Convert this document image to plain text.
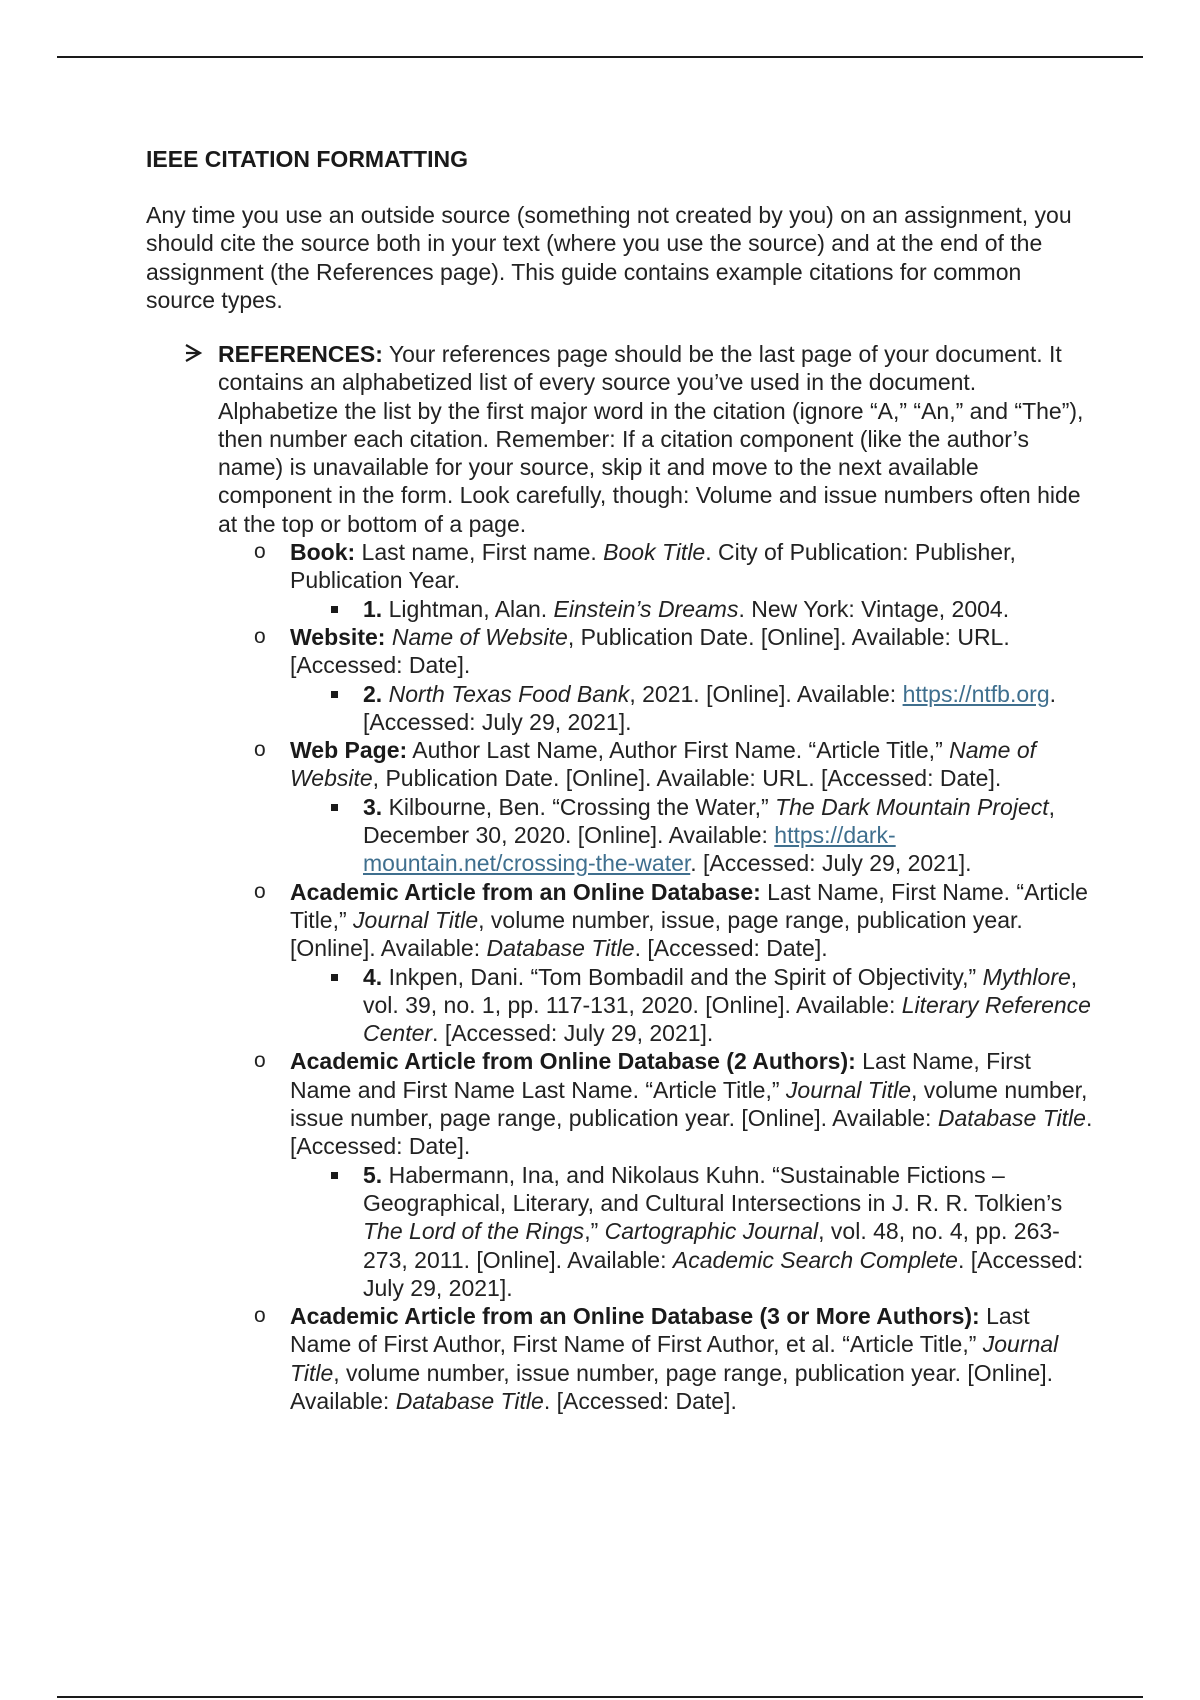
IEEE CITATION FORMATTING
Any time you use an outside source (something not created by you) on an assignment, you should cite the source both in your text (where you use the source) and at the end of the assignment (the References page). This guide contains example citations for common source types.
REFERENCES: Your references page should be the last page of your document. It contains an alphabetized list of every source you’ve used in the document. Alphabetize the list by the first major word in the citation (ignore “A,” “An,” and “The”), then number each citation. Remember: If a citation component (like the author’s name) is unavailable for your source, skip it and move to the next available component in the form. Look carefully, though: Volume and issue numbers often hide at the top or bottom of a page.
o Book: Last name, First name. Book Title. City of Publication: Publisher, Publication Year.
1. Lightman, Alan. Einstein’s Dreams. New York: Vintage, 2004.
o Website: Name of Website, Publication Date. [Online]. Available: URL. [Accessed: Date].
2. North Texas Food Bank, 2021. [Online]. Available: https://ntfb.org. [Accessed: July 29, 2021].
o Web Page: Author Last Name, Author First Name. “Article Title,” Name of Website, Publication Date. [Online]. Available: URL. [Accessed: Date].
3. Kilbourne, Ben. “Crossing the Water,” The Dark Mountain Project, December 30, 2020. [Online]. Available: https://dark-mountain.net/crossing-the-water. [Accessed: July 29, 2021].
o Academic Article from an Online Database: Last Name, First Name. “Article Title,” Journal Title, volume number, issue, page range, publication year. [Online]. Available: Database Title. [Accessed: Date].
4. Inkpen, Dani. “Tom Bombadil and the Spirit of Objectivity,” Mythlore, vol. 39, no. 1, pp. 117-131, 2020. [Online]. Available: Literary Reference Center. [Accessed: July 29, 2021].
o Academic Article from Online Database (2 Authors): Last Name, First Name and First Name Last Name. “Article Title,” Journal Title, volume number, issue number, page range, publication year. [Online]. Available: Database Title. [Accessed: Date].
5. Habermann, Ina, and Nikolaus Kuhn. “Sustainable Fictions – Geographical, Literary, and Cultural Intersections in J. R. R. Tolkien’s The Lord of the Rings,” Cartographic Journal, vol. 48, no. 4, pp. 263-273, 2011. [Online]. Available: Academic Search Complete. [Accessed: July 29, 2021].
o Academic Article from an Online Database (3 or More Authors): Last Name of First Author, First Name of First Author, et al. “Article Title,” Journal Title, volume number, issue number, page range, publication year. [Online]. Available: Database Title. [Accessed: Date].
